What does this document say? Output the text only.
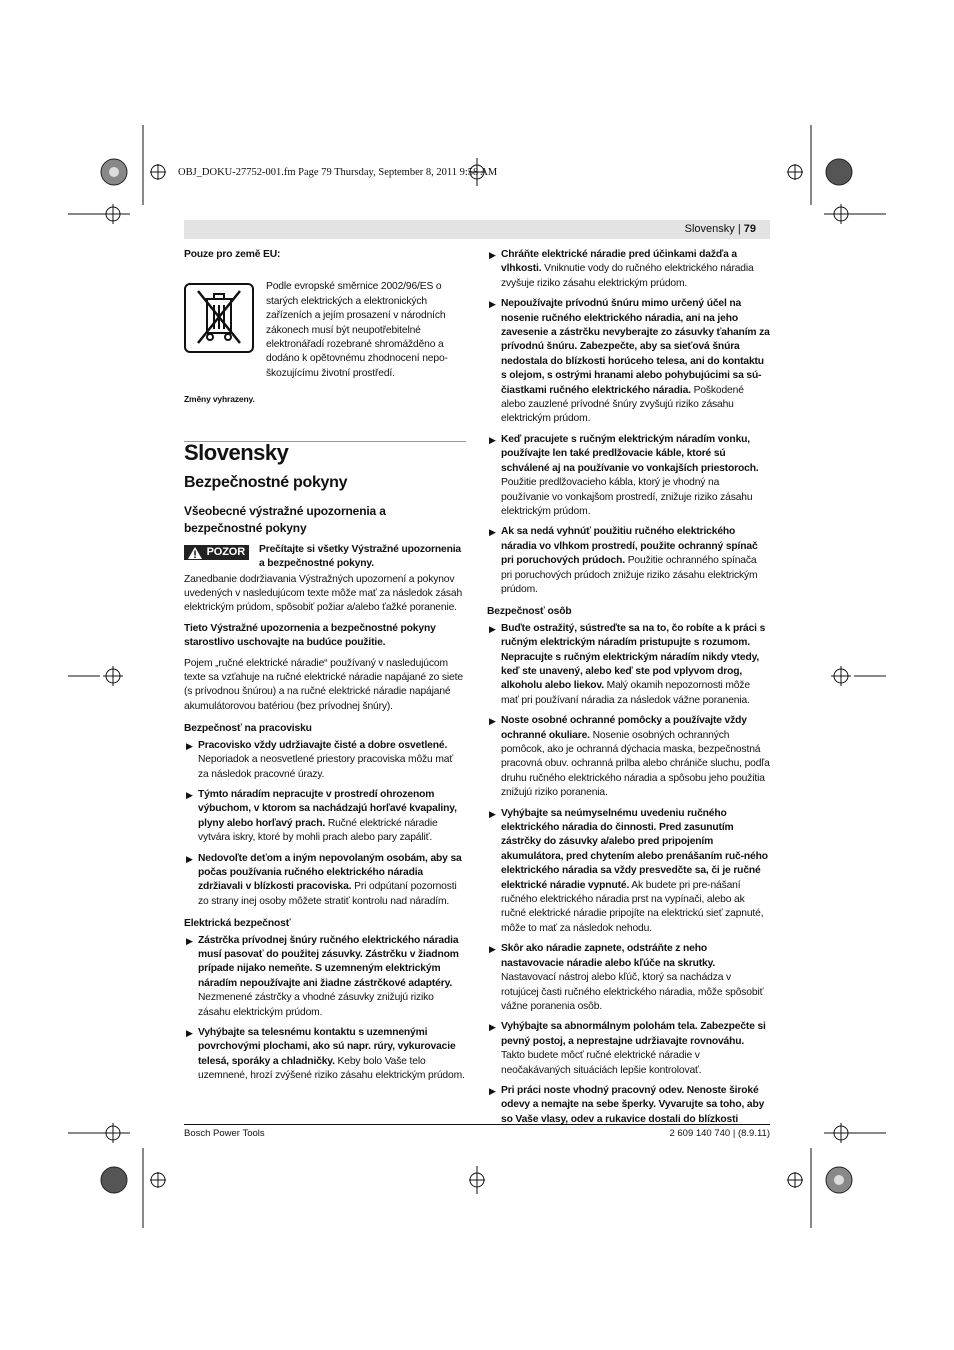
OBJ_DOKU-27752-001.fm Page 79 Thursday, September 8, 2011 9:58 AM
Slovensky | 79
Pouze pro země EU:
Podle evropské směrnice 2002/96/ES o starých elektrických a elektronických zařízeních a jejím prosazení v národních zákonech musí být neupotřebitelné elektronářadí rozebrané shromážděno a dodáno k opětovnému zhodnocení nepo-škozujícímu životní prostředí.
Změny vyhrazeny.
Slovensky
Bezpečnostné pokyny
Všeobecné výstražné upozornenia a bezpečnostné pokyny
POZOR	Prečítajte si všetky Výstražné upozornenia a bezpečnostné pokyny.

Zanedbanie dodržiavania Výstražných upozornení a pokynov uvedených v nasledujúcom texte môže mať za následok zásah elektrickým prúdom, spôsobiť požiar a/alebo ťažké poranenie.

Tieto Výstražné upozornenia a bezpečnostné pokyny starostlivo uschovajte na budúce použitie.

Pojem „ručné elektrické náradie“ používaný v nasledujúcom texte sa vzťahuje na ručné elektrické náradie napájané zo siete (s prívodnou šnúrou) a na ručné elektrické náradie napájané akumulátorovou batériou (bez prívodnej šnúry).

Bezpečnosť na pracovisku
▶ Pracovisko vždy udržiavajte čisté a dobre osvetlené. Neporiadok a neosvetlené priestory pracoviska môžu mať za následok pracovné úrazy.
▶ Týmto náradím nepracujte v prostredí ohrozenom výbuchom, v ktorom sa nachádzajú horľavé kvapaliny, plyny alebo horľavý prach. Ručné elektrické náradie vytvára iskry, ktoré by mohli prach alebo pary zapáliť.
▶ Nedovoľte deťom a iným nepovolaným osobám, aby sa počas používania ručného elektrického náradia zdržiavali v blízkosti pracoviska. Pri odpútaní pozornosti zo strany inej osoby môžete stratiť kontrolu nad náradím.
Elektrická bezpečnosť
▶ Zástrčka prívodnej šnúry ručného elektrického náradia musí pasovať do použitej zásuvky. Zástrčku v žiadnom prípade nijako nemeňte. S uzemneným elektrickým náradím nepoužívajte ani žiadne zástrčkové adaptéry. Nezmenené zástrčky a vhodné zásuvky znižujú riziko zásahu elektrickým prúdom.
▶ Vyhýbajte sa telesnému kontaktu s uzemnenými povrchovými plochami, ako sú napr. rúry, vykurovacie telesá, sporáky a chladničky. Keby bolo Vaše telo uzemnené, hrozí zvýšené riziko zásahu elektrickým prúdom.
▶ Chráňte elektrické náradie pred účinkami dažďa a vlhkosti. Vniknutie vody do ručného elektrického náradia zvyšuje riziko zásahu elektrickým prúdom.
▶ Nepoužívajte prívodnú šnúru mimo určený účel na nosenie ručného elektrického náradia, ani na jeho zavesenie a zástrčku nevyberajte zo zásuvky ťahaním za prívodnú šnúru. Zabezpečte, aby sa sieťová šnúra nedostala do blízkosti horúceho telesa, ani do kontaktu s olejom, s ostrými hranami alebo pohybujúcimi sa sú-čiastkami ručného elektrického náradia. Poškodené alebo zauzlené prívodné šnúry zvyšujú riziko zásahu elektrickým prúdom.
▶ Keď pracujete s ručným elektrickým náradím vonku, používajte len také predlžovacie káble, ktoré sú schválené aj na používanie vo vonkajších priestoroch. Použitie predlžovacieho kábla, ktorý je vhodný na používanie vo vonkajšom prostredí, znižuje riziko zásahu elektrickým prúdom.
▶ Ak sa nedá vyhnúť použitiu ručného elektrického náradia vo vlhkom prostredí, použite ochranný spínač pri poruchových prúdoch. Použitie ochranného spínača pri poruchových prúdoch znižuje riziko zásahu elektrickým prúdom.
Bezpečnosť osôb
▶ Buďte ostražitý, sústreďte sa na to, čo robíte a k práci s ručným elektrickým náradím pristupujte s rozumom. Nepracujte s ručným elektrickým náradím nikdy vtedy, keď ste unavený, alebo keď ste pod vplyvom drog, alkoholu alebo liekov. Malý okamih nepozornosti môže mať pri používaní náradia za následok vážne poranenia.
▶ Noste osobné ochranné pomôcky a používajte vždy ochranné okuliare. Nosenie osobných ochranných pomôcok, ako je ochranná dýchacia maska, bezpečnostná pracovná obuv. ochranná prilba alebo chrániče sluchu, podľa druhu ručného elektrického náradia a spôsobu jeho použitia znižujú riziko poranenia.
▶ Vyhýbajte sa neúmyselnému uvedeniu ručného elektrického náradia do činnosti. Pred zasunutím zástrčky do zásuvky a/alebo pred pripojením akumulátora, pred chytením alebo prenášaním ruč-ného elektrického náradia sa vždy presvedčte sa, či je ručné elektrické náradie vypnuté. Ak budete pri pre-nášaní ručného elektrického náradia prst na vypínači, alebo ak ručné elektrické náradie pripojíte na elektrickú sieť zapnuté, môže to mať za následok nehodu.
▶ Skôr ako náradie zapnete, odstráňte z neho nastavovacie náradie alebo kľúče na skrutky. Nastavovací nástroj alebo kľúč, ktorý sa nachádza v rotujúcej časti ručného elektrického náradia, môže spôsobiť vážne poranenia osôb.
▶ Vyhýbajte sa abnormálnym polohám tela. Zabezpečte si pevný postoj, a neprestajne udržiavajte rovnováhu. Takto budete môcť ručné elektrické náradie v neočakávaných situáciách lepšie kontrolovať.
▶ Pri práci noste vhodný pracovný odev. Nenoste široké odevy a nemajte na sebe šperky. Vyvarujte sa toho, aby so Vaše vlasy, odev a rukavice dostali do blízkosti
Bosch Power Tools	2 609 140 740 | (8.9.11)
